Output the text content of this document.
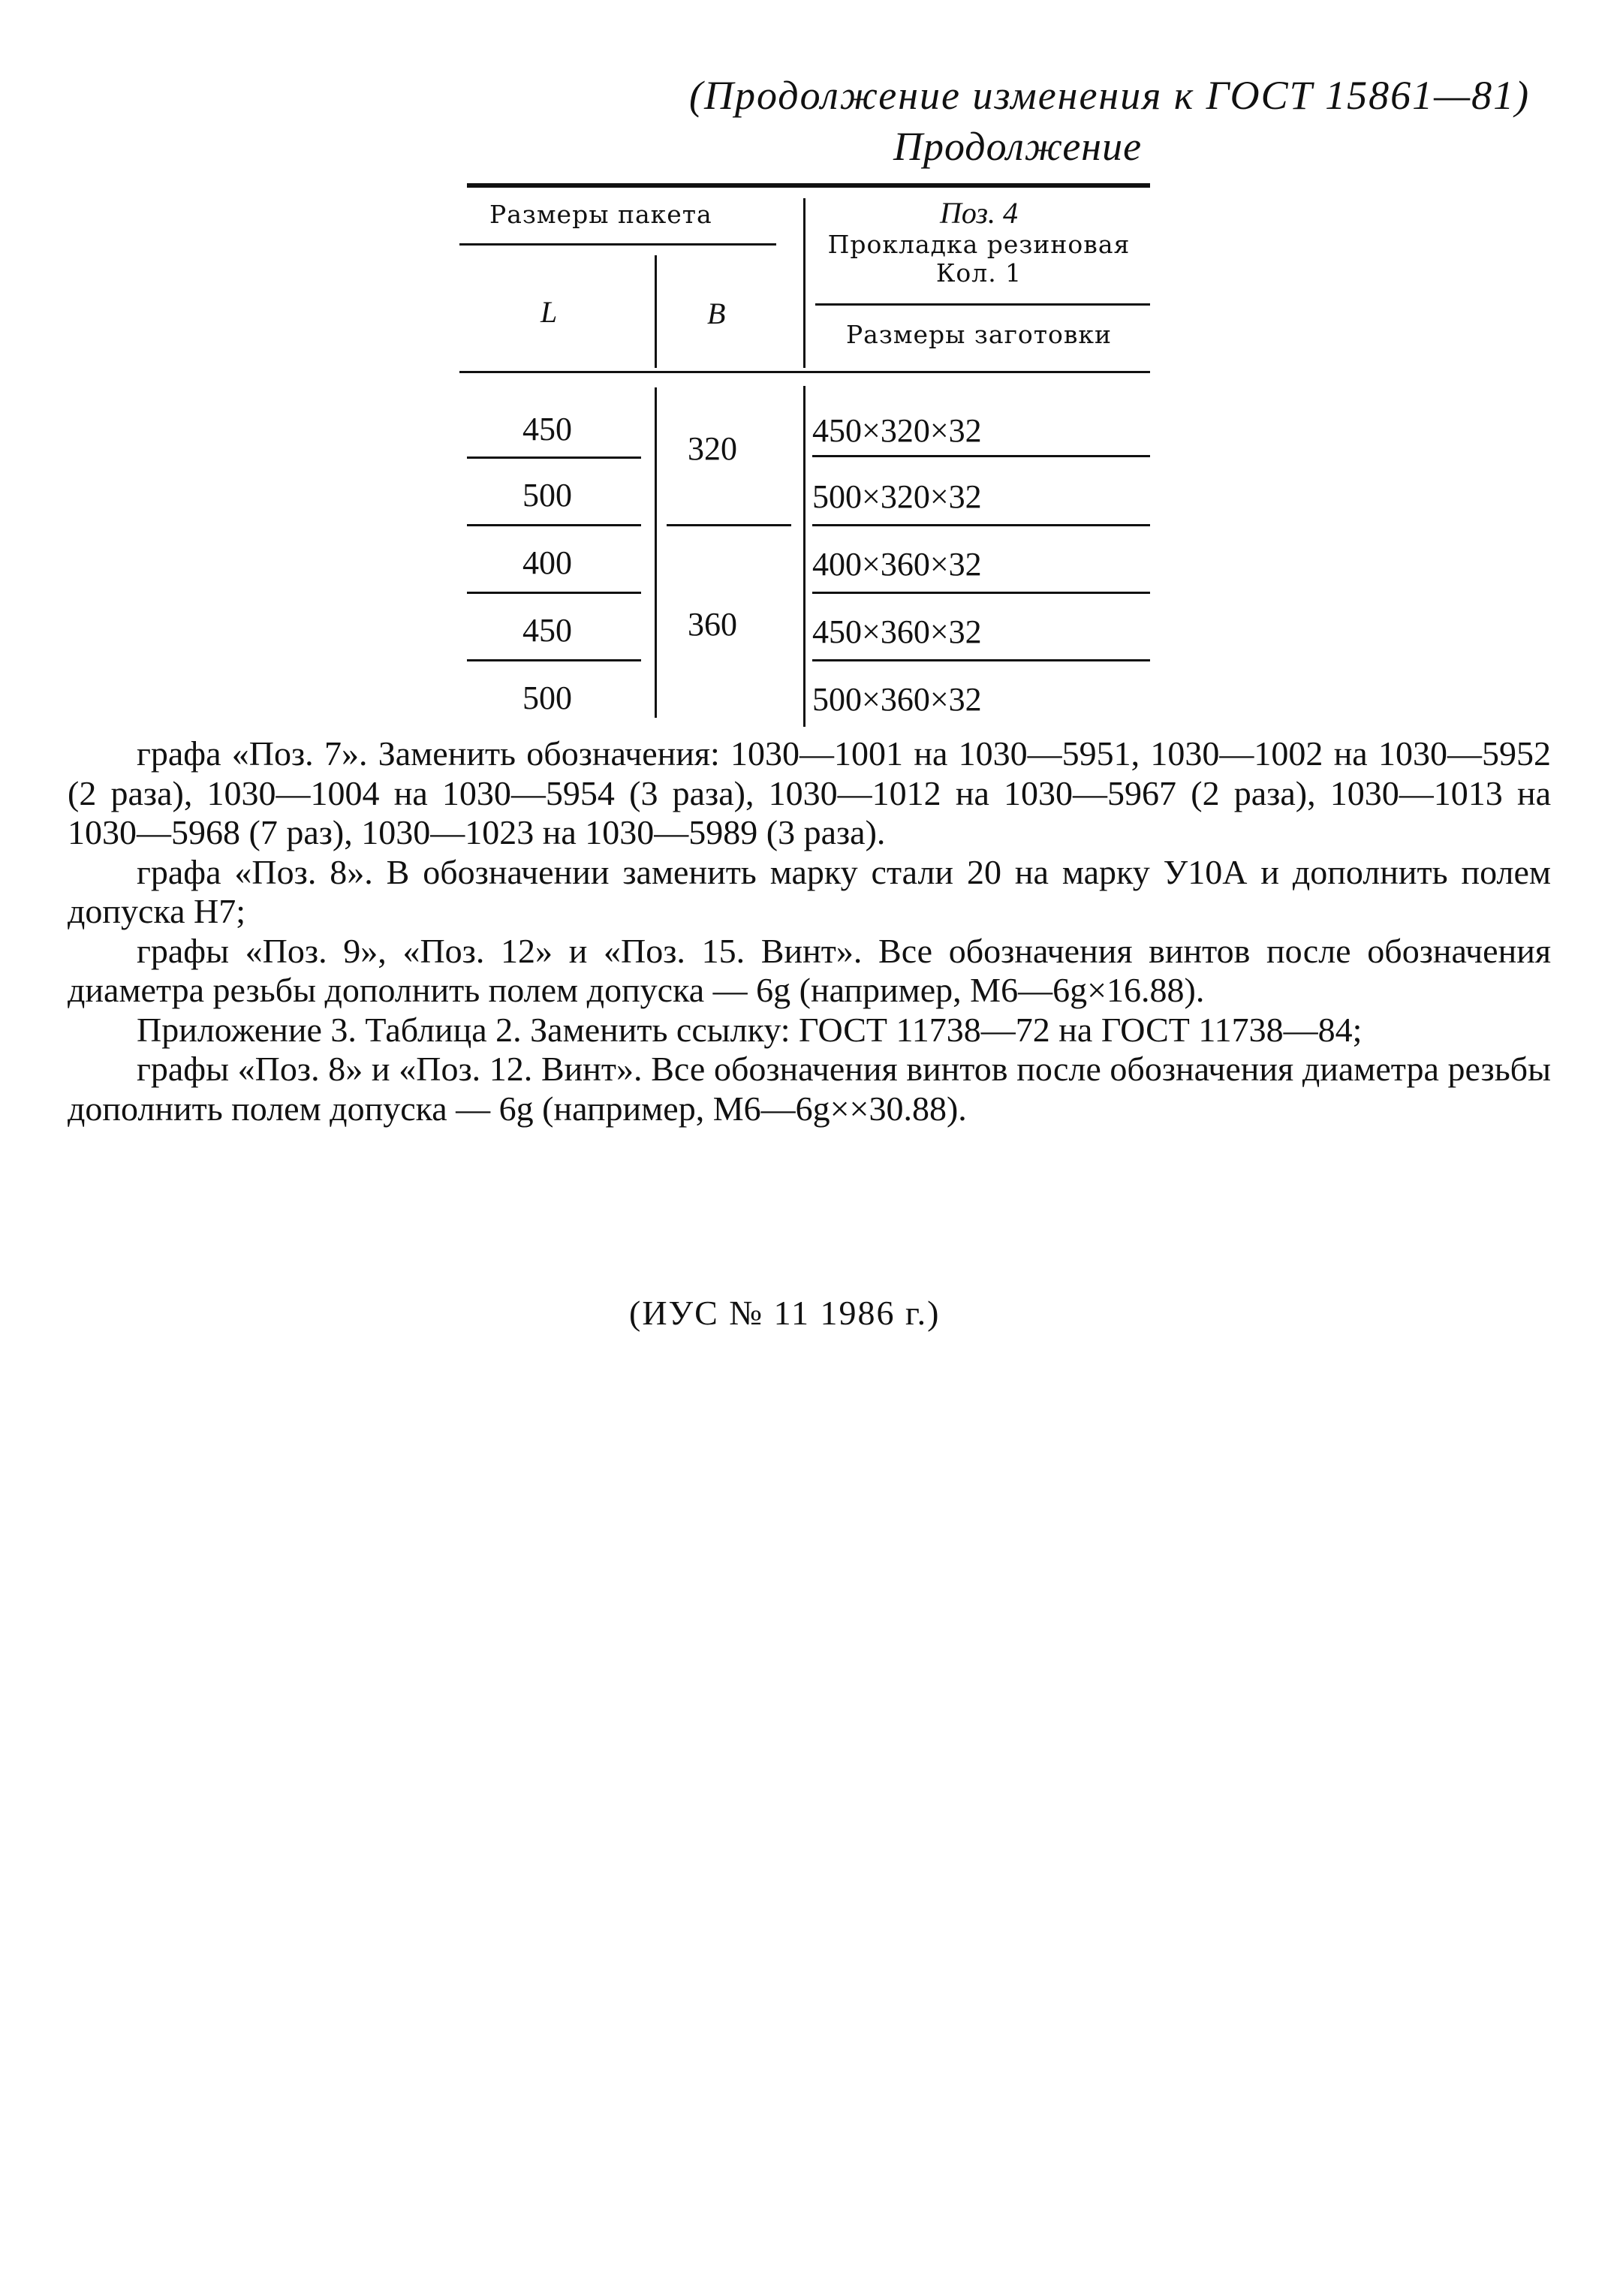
(Продолжение изменения к ГОСТ 15861—81)
Продолжение
Размеры пакета
L	B
Поз. 4
Прокладка резиновая
Кол. 1
Размеры заготовки
450
500
400
450
500
320
360
450×320×32
500×320×32
400×360×32
450×360×32
500×360×32

графа «Поз. 7». Заменить обозначения: 1030—1001 на 1030—5951, 1030—1002 на 1030—5952 (2 раза), 1030—1004 на 1030—5954 (3 раза), 1030—1012 на 1030—5967 (2 раза), 1030—1013 на 1030—5968 (7 раз), 1030—1023 на 1030—5989 (3 раза).

графа «Поз. 8». В обозначении заменить марку стали 20 на марку У10А и дополнить полем допуска Н7;

графы «Поз. 9», «Поз. 12» и «Поз. 15. Винт». Все обозначения винтов после обозначения диаметра резьбы дополнить полем допуска — 6g (например, М6—6g×16.88).

Приложение 3. Таблица 2. Заменить ссылку: ГОСТ 11738—72 на ГОСТ 11738—84;

графы «Поз. 8» и «Поз. 12. Винт». Все обозначения винтов после обозначения диаметра резьбы дополнить полем допуска — 6g (например, М6—6g××30.88).

(ИУС № 11 1986 г.)
